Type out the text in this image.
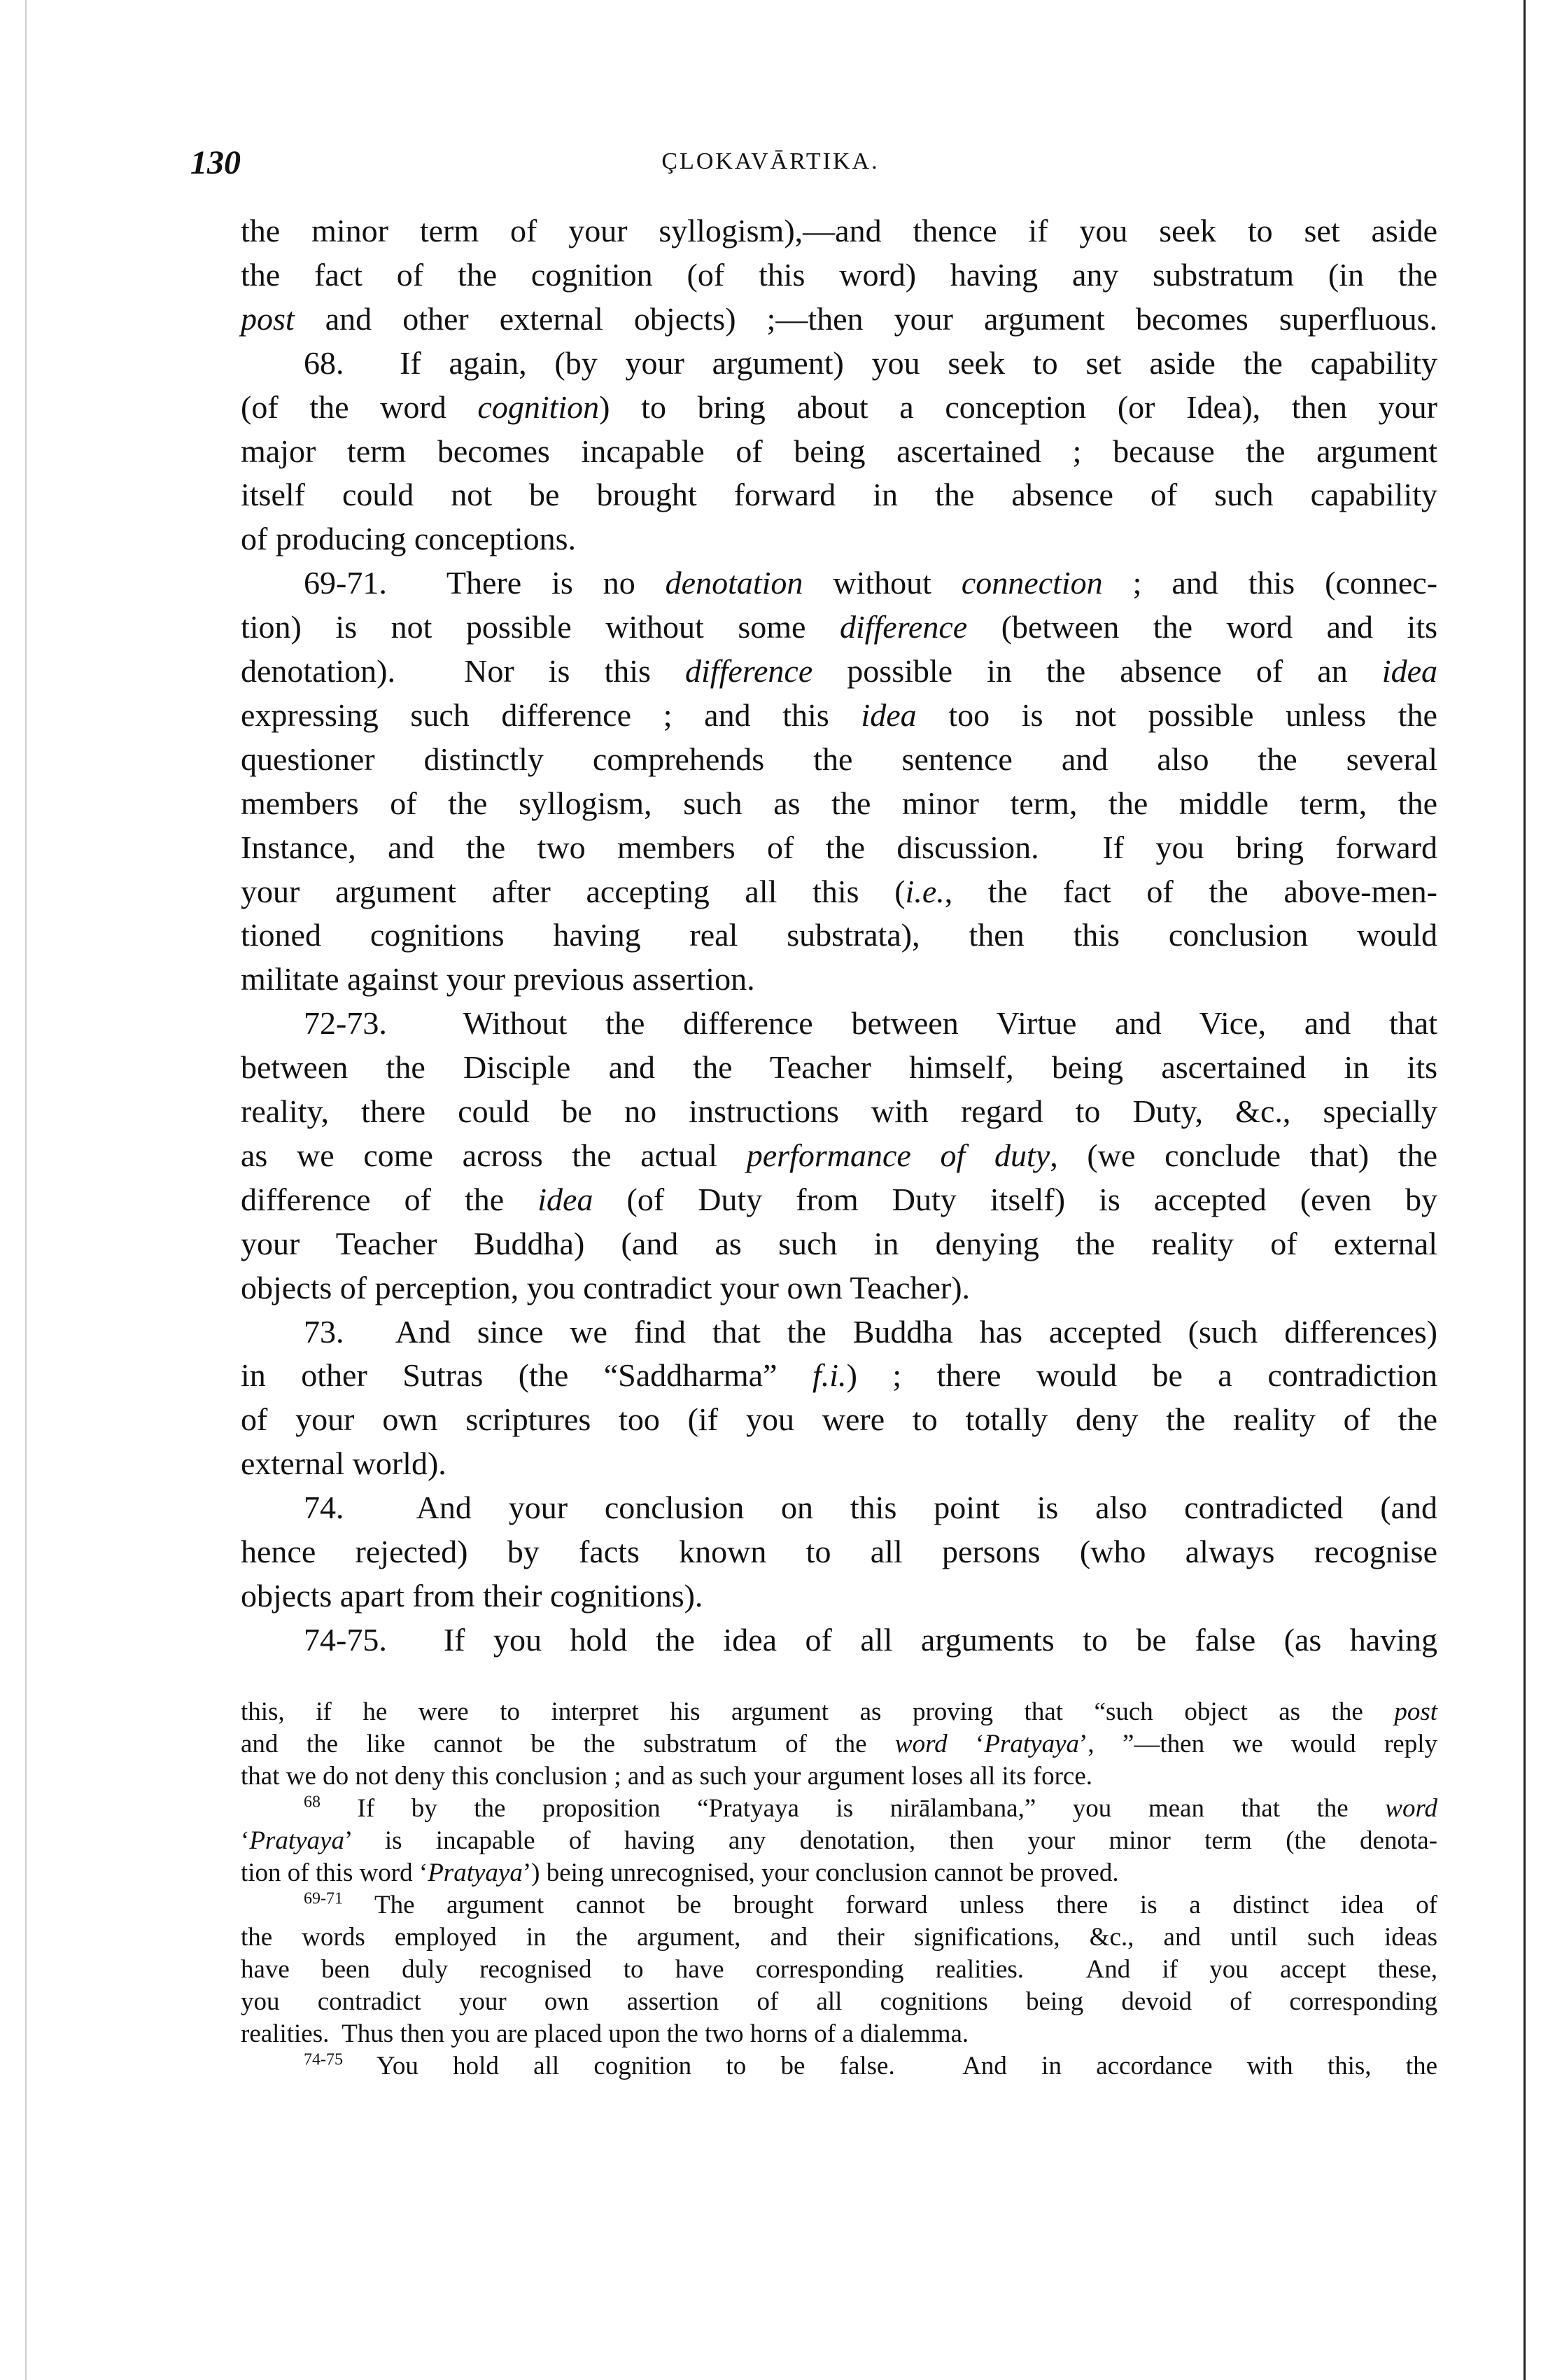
130	ÇLOKAVĀRTIKA.
the minor term of your syllogism),—and thence if you seek to set aside
the fact of the cognition (of this word) having any substratum (in the
post and other external objects) ;—then your argument becomes superfluous.
68.  If again, (by your argument) you seek to set aside the capability
(of the word cognition) to bring about a conception (or Idea), then your
major term becomes incapable of being ascertained ; because the argument
itself could not be brought forward in the absence of such capability
of producing conceptions.
69-71.  There is no denotation without connection ; and this (connec-
tion) is not possible without some difference (between the word and its
denotation).  Nor is this difference possible in the absence of an idea
expressing such difference ; and this idea too is not possible unless the
questioner distinctly comprehends the sentence and also the several
members of the syllogism, such as the minor term, the middle term, the
Instance, and the two members of the discussion.  If you bring forward
your argument after accepting all this (i.e., the fact of the above-men-
tioned cognitions having real substrata), then this conclusion would
militate against your previous assertion.
72-73.  Without the difference between Virtue and Vice, and that
between the Disciple and the Teacher himself, being ascertained in its
reality, there could be no instructions with regard to Duty, &c., specially
as we come across the actual performance of duty, (we conclude that) the
difference of the idea (of Duty from Duty itself) is accepted (even by
your Teacher Buddha) (and as such in denying the reality of external
objects of perception, you contradict your own Teacher).
73.  And since we find that the Buddha has accepted (such differences)
in other Sutras (the “Saddharma” f.i.) ; there would be a contradiction
of your own scriptures too (if you were to totally deny the reality of the
external world).
74.  And your conclusion on this point is also contradicted (and
hence rejected) by facts known to all persons (who always recognise
objects apart from their cognitions).
74-75.  If you hold the idea of all arguments to be false (as having
this, if he were to interpret his argument as proving that “such object as the post
and the like cannot be the substratum of the word ‘Pratyaya’, ”—then we would reply
that we do not deny this conclusion ; and as such your argument loses all its force.
$^{68}$ If by the proposition “Pratyaya is nirālambana,” you mean that the word
‘Pratyaya’ is incapable of having any denotation, then your minor term (the denota-
tion of this word ‘Pratyaya’) being unrecognised, your conclusion cannot be proved.
$^{69-71}$ The argument cannot be brought forward unless there is a distinct idea of
the words employed in the argument, and their significations, &c., and until such ideas
have been duly recognised to have corresponding realities.  And if you accept these,
you contradict your own assertion of all cognitions being devoid of corresponding
realities.  Thus then you are placed upon the two horns of a dialemma.
$^{74-75}$ You hold all cognition to be false.  And in accordance with this, the
